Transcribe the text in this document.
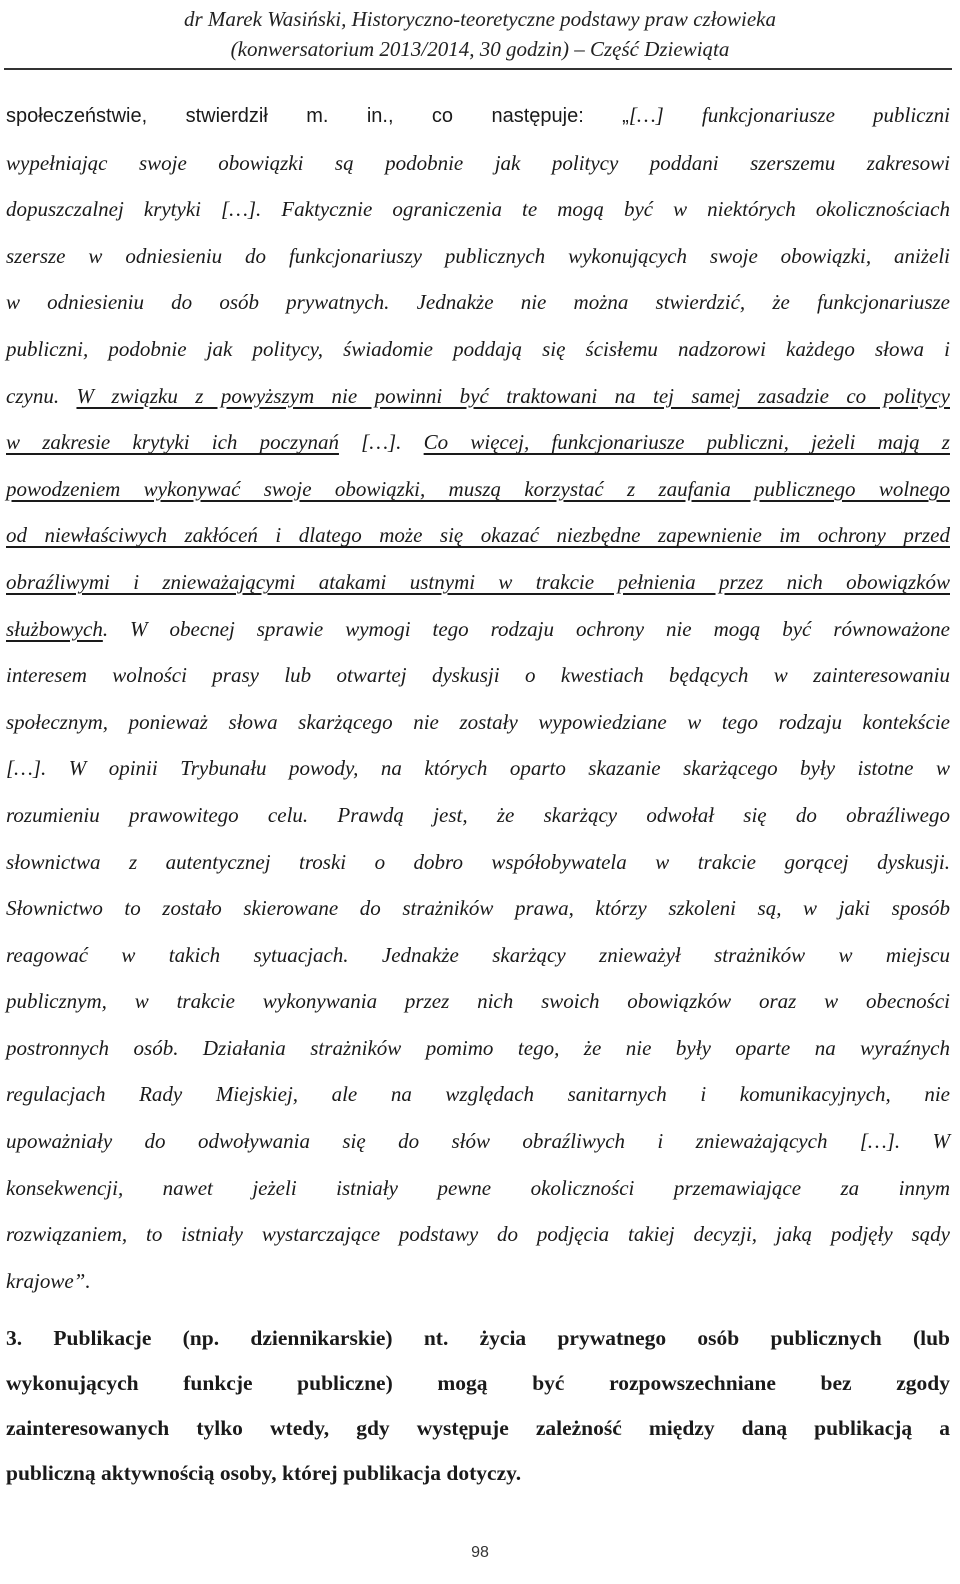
dr Marek Wasiński, Historyczno-teoretyczne podstawy praw człowieka
(konwersatorium 2013/2014, 30 godzin) – Część Dziewiąta
społeczeństwie, stwierdził m. in., co następuje: „[…] funkcjonariusze publiczni
wypełniając swoje obowiązki są podobnie jak politycy poddani szerszemu zakresowi
dopuszczalnej krytyki […]. Faktycznie ograniczenia te mogą być w niektórych okolicznościach
szersze w odniesieniu do funkcjonariuszy publicznych wykonujących swoje obowiązki, aniżeli
w odniesieniu do osób prywatnych. Jednakże nie można stwierdzić, że funkcjonariusze
publiczni, podobnie jak politycy, świadomie poddają się ścisłemu nadzorowi każdego słowa i
czynu. W związku z powyższym nie powinni być traktowani na tej samej zasadzie co politycy
w zakresie krytyki ich poczynań […]. Co więcej, funkcjonariusze publiczni, jeżeli mają z
powodzeniem wykonywać swoje obowiązki, muszą korzystać z zaufania publicznego wolnego
od niewłaściwych zakłóceń i dlatego może się okazać niezbędne zapewnienie im ochrony przed
obraźliwymi i znieważającymi atakami ustnymi w trakcie pełnienia przez nich obowiązków
służbowych. W obecnej sprawie wymogi tego rodzaju ochrony nie mogą być równoważone
interesem wolności prasy lub otwartej dyskusji o kwestiach będących w zainteresowaniu
społecznym, ponieważ słowa skarżącego nie zostały wypowiedziane w tego rodzaju kontekście
[…]. W opinii Trybunału powody, na których oparto skazanie skarżącego były istotne w
rozumieniu prawowitego celu. Prawdą jest, że skarżący odwołał się do obraźliwego
słownictwa z autentycznej troski o dobro współobywatela w trakcie gorącej dyskusji.
Słownictwo to zostało skierowane do strażników prawa, którzy szkoleni są, w jaki sposób
reagować w takich sytuacjach. Jednakże skarżący znieważył strażników w miejscu
publicznym, w trakcie wykonywania przez nich swoich obowiązków oraz w obecności
postronnych osób. Działania strażników pomimo tego, że nie były oparte na wyraźnych
regulacjach Rady Miejskiej, ale na względach sanitarnych i komunikacyjnych, nie
upoważniały do odwoływania się do słów obraźliwych i znieważających […]. W
konsekwencji, nawet jeżeli istniały pewne okoliczności przemawiające za innym
rozwiązaniem, to istniały wystarczające podstawy do podjęcia takiej decyzji, jaką podjęły sądy
krajowe”.
3. Publikacje (np. dziennikarskie) nt. życia prywatnego osób publicznych (lub
wykonujących funkcje publiczne) mogą być rozpowszechniane bez zgody
zainteresowanych tylko wtedy, gdy występuje zależność między daną publikacją a
publiczną aktywnością osoby, której publikacja dotyczy.
98
